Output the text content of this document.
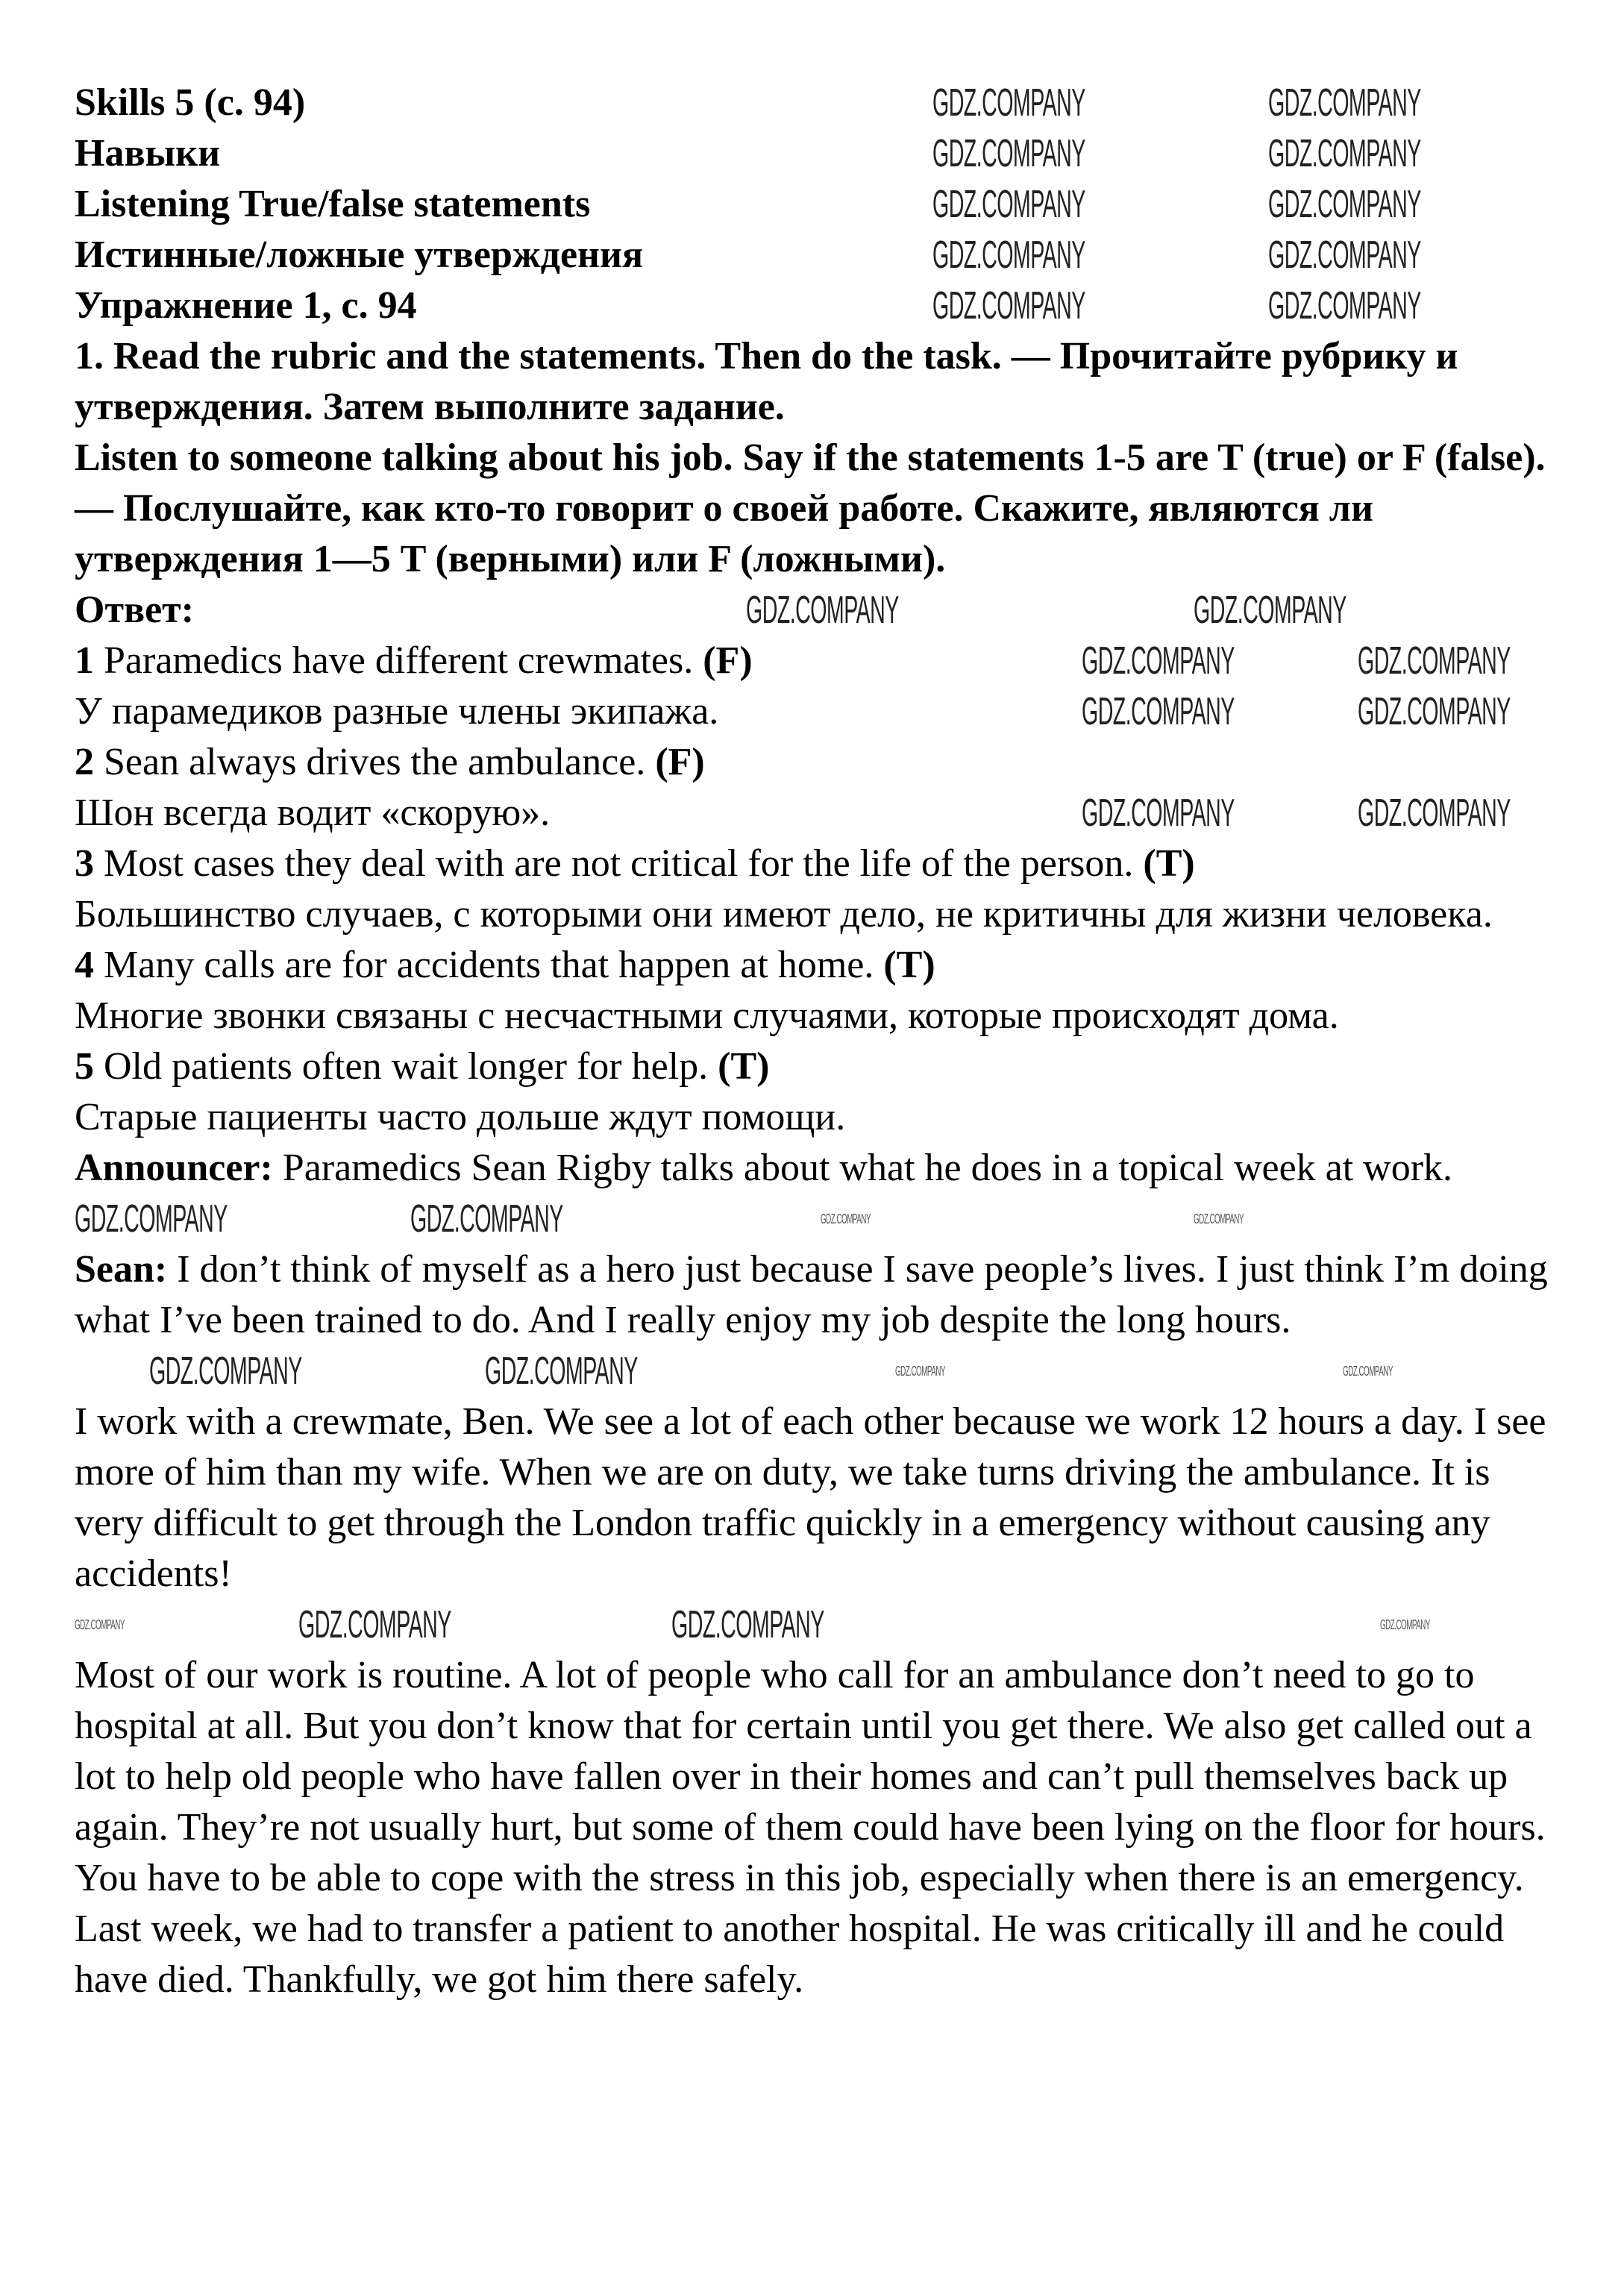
Skills 5 (с. 94)	GDZ.COMPANY	GDZ.COMPANY

Навыки	GDZ.COMPANY	GDZ.COMPANY

Listening True/false statements	GDZ.COMPANY	GDZ.COMPANY

Истинные/ложные утверждения	GDZ.COMPANY	GDZ.COMPANY

Упражнение 1, с. 94	GDZ.COMPANY	GDZ.COMPANY

1. Read the rubric and the statements. Then do the task. — Прочитайте рубрику и утверждения. Затем выполните задание.

Listen to someone talking about his job. Say if the statements 1-5 are T (true) or F (false). — Послушайте, как кто-то говорит о своей работе. Скажите, являются ли утверждения 1—5 T (верными) или F (ложными).

Ответ:	GDZ.COMPANY	GDZ.COMPANY

1 Paramedics have different crewmates. (F)	GDZ.COMPANY	GDZ.COMPANY

У парамедиков разные члены экипажа.	GDZ.COMPANY	GDZ.COMPANY

2 Sean always drives the ambulance. (F)

Шон всегда водит «скорую».	GDZ.COMPANY	GDZ.COMPANY

3 Most cases they deal with are not critical for the life of the person. (T)

Большинство случаев, с которыми они имеют дело, не критичны для жизни человека.

4 Many calls are for accidents that happen at home. (T)

Многие звонки связаны с несчастными случаями, которые происходят дома.

5 Old patients often wait longer for help. (T)

Старые пациенты часто дольше ждут помощи.

Announcer: Paramedics Sean Rigby talks about what he does in a topical week at work.

GDZ.COMPANY	GDZ.COMPANY	GDZ.COMPANY	GDZ.COMPANY

Sean: I don’t think of myself as a hero just because I save people’s lives. I just think I’m doing what I’ve been trained to do. And I really enjoy my job despite the long hours.

GDZ.COMPANY	GDZ.COMPANY	GDZ.COMPANY	GDZ.COMPANY

I work with a crewmate, Ben. We see a lot of each other because we work 12 hours a day. I see more of him than my wife. When we are on duty, we take turns driving the ambulance. It is very difficult to get through the London traffic quickly in a emergency without causing any accidents!

GDZ.COMPANY	GDZ.COMPANY
GDZ.COMPANY	GDZ.COMPANY

Most of our work is routine. A lot of people who call for an ambulance don’t need to go to hospital at all. But you don’t know that for certain until you get there. We also get called out a lot to help old people who have fallen over in their homes and can’t pull themselves back up again. They’re not usually hurt, but some of them could have been lying on the floor for hours.

You have to be able to cope with the stress in this job, especially when there is an emergency. Last week, we had to transfer a patient to another hospital. He was critically ill and he could have died. Thankfully, we got him there safely.
